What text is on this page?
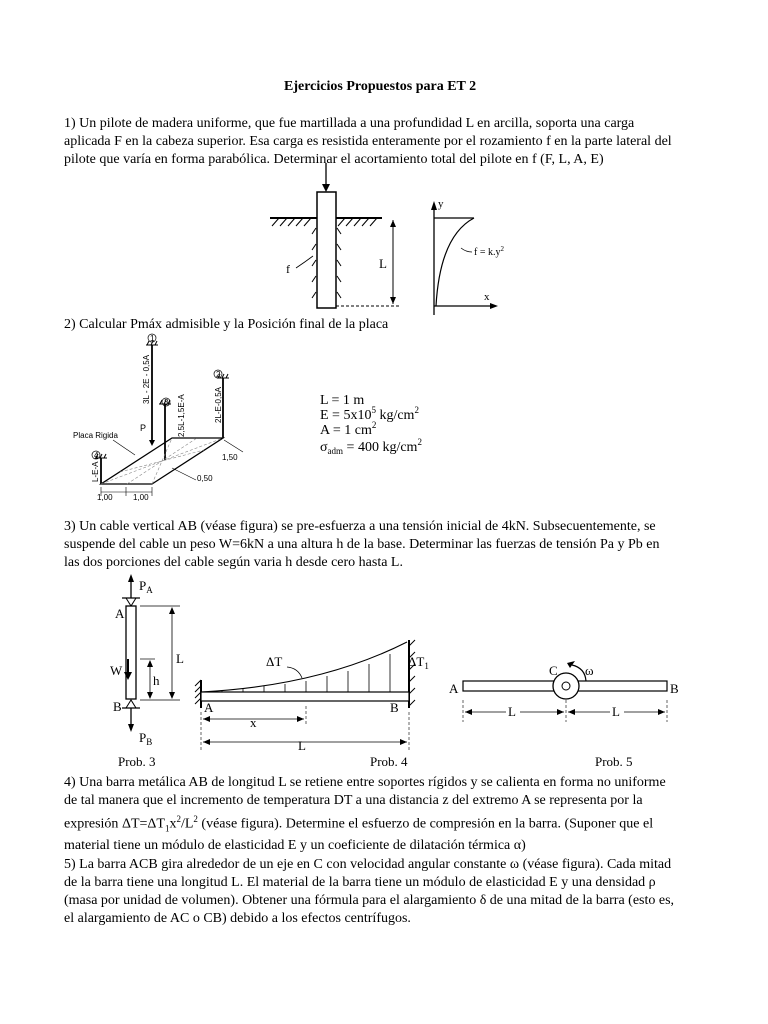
Ejercicios Propuestos para ET 2
1) Un pilote de madera uniforme, que fue martillada a una profundidad L en arcilla, soporta una carga
aplicada F en la cabeza superior. Esa carga es resistida enteramente por el rozamiento f en la parte lateral del
pilote que varía en forma parabólica. Determinar el acortamiento total del pilote en f (F, L, A, E)
f	L
y
x
$f = k.y^2$
2) Calcular Pmáx admisible y la Posición final de la placa
1
2
3
4
3L - 2E - 0,5A
2,5L-1,5E-A	2L-E-0,5A
L-E-A
P
Placa Rigida
1,50
0,50
1,00	1,00
L = 1 m
$E = 5x10^5$ $kg/cm^2$
A = 1 $cm^2$
$\sigma_{adm} = 400$ $kg/cm^2$
3) Un cable vertical AB (véase figura) se pre-esfuerza a una tensión inicial de 4kN. Subsecuentemente, se
suspende del cable un peso W=6kN a una altura h de la base. Determinar las fuerzas de tensión Pa y Pb en
las dos porciones del cable según varia h desde cero hasta L.
$P_A$
A
W
B
$P_B$
L
h
Prob. 3
ΔT	$\Delta T_1$
A	B
x
L
Prob. 4
C ω
A	B
L	L
Prob. 5
4) Una barra metálica AB de longitud L se retiene entre soportes rígidos y se calienta en forma no uniforme
de tal manera que el incremento de temperatura DT a una distancia z del extremo A se representa por la
expresión $\Delta T=\Delta T_1x^2/L^2$ (véase figura). Determine el esfuerzo de compresión en la barra. (Suponer que el
material tiene un módulo de elasticidad E y un coeficiente de dilatación térmica α)
5) La barra ACB gira alrededor de un eje en C con velocidad angular constante ω (véase figura). Cada mitad
de la barra tiene una longitud L. El material de la barra tiene un módulo de elasticidad E y una densidad ρ
(masa por unidad de volumen). Obtener una fórmula para el alargamiento δ de una mitad de la barra (esto es,
el alargamiento de AC o CB) debido a los efectos centrífugos.
